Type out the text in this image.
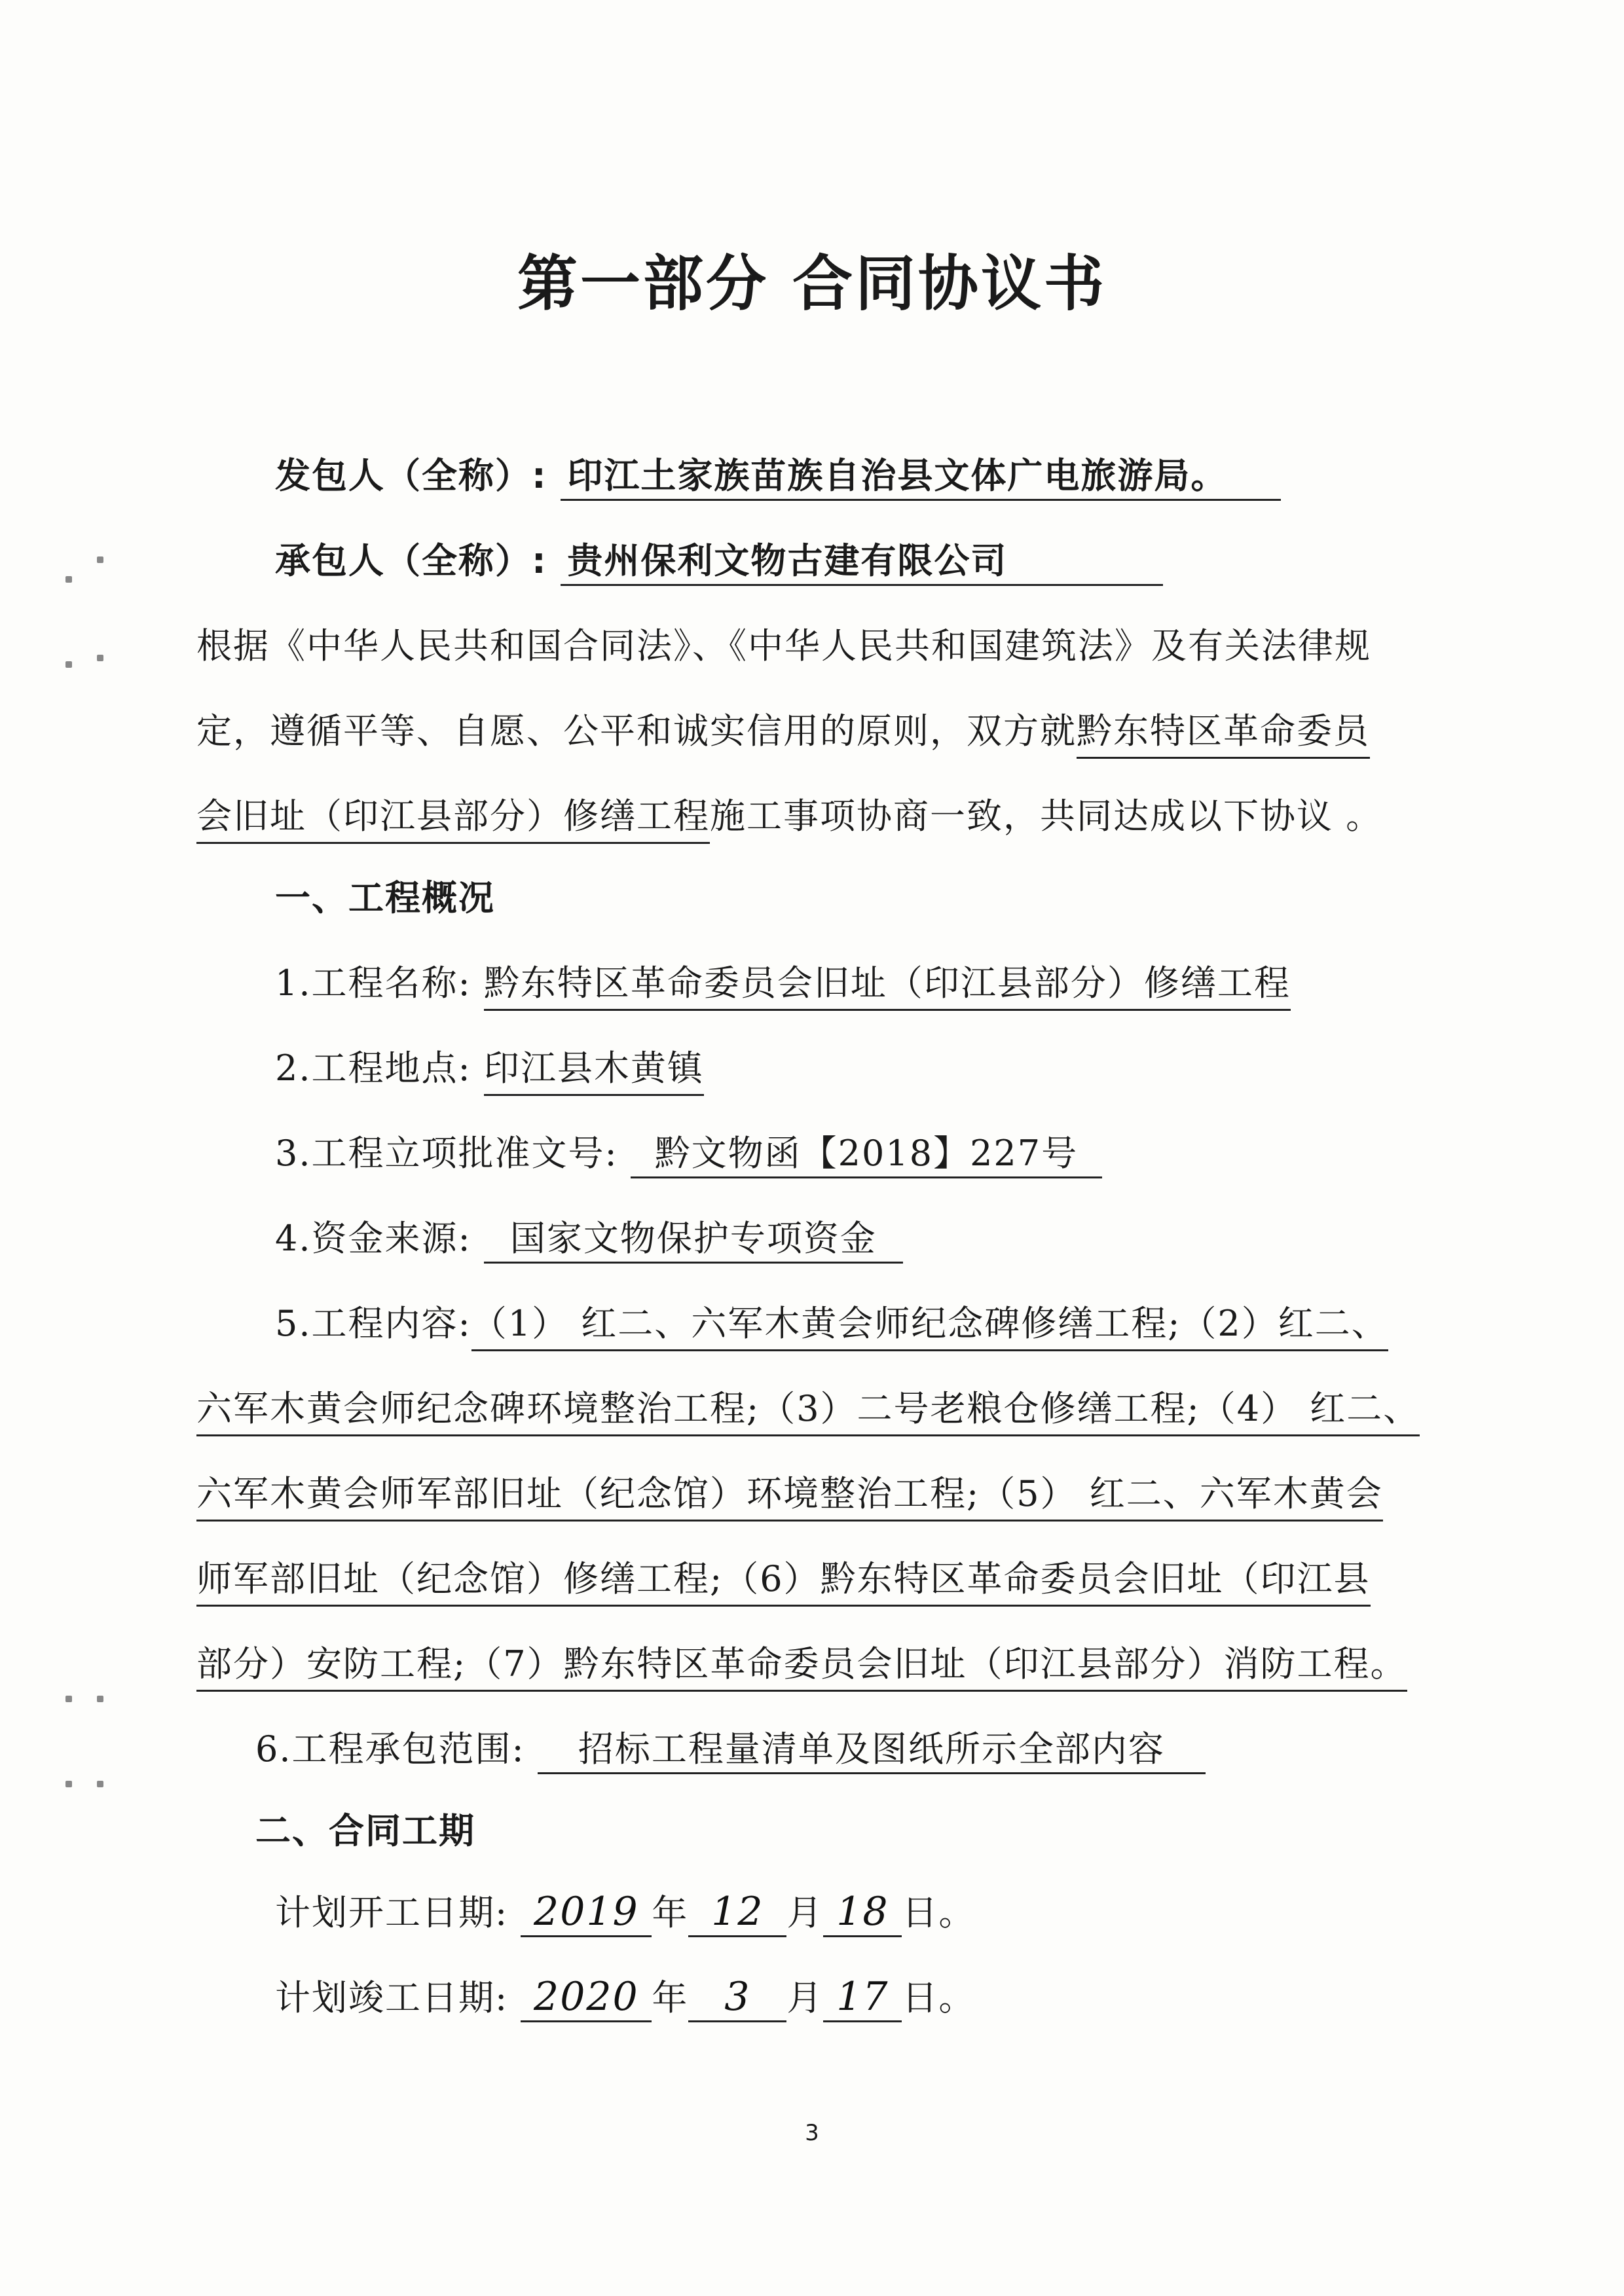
第一部分 合同协议书
发包人（全称）: 印江土家族苗族自治县文体广电旅游局。
承包人（全称）: 贵州保利文物古建有限公司
根据《中华人民共和国合同法》、《中华人民共和国建筑法》及有关法律规
定，遵循平等、自愿、公平和诚实信用的原则，双方就黔东特区革命委员
会旧址（印江县部分）修缮工程施工事项协商一致，共同达成以下协议 。
一、工程概况
1.工程名称: 黔东特区革命委员会旧址（印江县部分）修缮工程
2.工程地点: 印江县木黄镇
3.工程立项批准文号: 黔文物函【2018】227号
4.资金来源: 国家文物保护专项资金
5.工程内容:（1） 红二、六军木黄会师纪念碑修缮工程;（2）红二、
六军木黄会师纪念碑环境整治工程;（3）二号老粮仓修缮工程;（4） 红二、
六军木黄会师军部旧址（纪念馆）环境整治工程;（5） 红二、六军木黄会
师军部旧址（纪念馆）修缮工程;（6）黔东特区革命委员会旧址（印江县
部分）安防工程;（7）黔东特区革命委员会旧址（印江县部分）消防工程。
6.工程承包范围: 招标工程量清单及图纸所示全部内容
二、合同工期
计划开工日期: 2019 年 12 月 18 日。
计划竣工日期: 2020 年 3 月 17 日。
3
